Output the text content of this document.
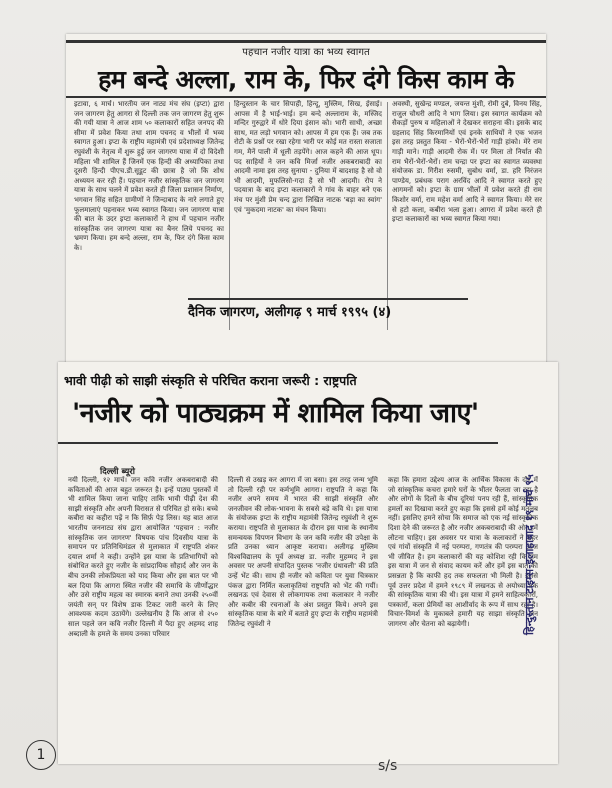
पहचान नजीर यात्रा का भव्य स्वागत
हम बन्दे अल्ला, राम के, फिर दंगे किस काम के

इटावा, ६ मार्च। भारतीय जन नाट्य मंच संघ (इप्टा) द्वारा जन जागरण हेतु आगरा से दिल्ली तक जन जागरण हेतु शुरू की गयी यात्रा ने आज शाम ५० कलाकारों सहित जनपद की सीमा में प्रवेश किया तथा शाम पचनद व भीलों में भव्य स्वागत हुआ। इप्टा के राष्ट्रीय महामंत्री एवं प्रदेशाध्यक्ष जितेन्द्र रघुवंशी के नेतृत्व में शुरू हुई जन जागरण यात्रा में दो विदेशी महिला भी शामिल हैं जिनमें एक हिन्दी की अध्यापिका तथा दूसरी हिन्दी पीएच.डी.सूडूट की छात्रा है जो कि शोध अध्ययन कर रही हैं। पहचान नजीर सांस्कृतिक जन जागरण यात्रा के साथ चलने में प्रवेश करते ही जिला प्रशासन निर्माण, भगवान सिंह सहित ग्रामीणों ने जिन्दाबाद के नारे लगाते हुए फूलमालाएं पहनाकर भव्य स्वागत किया। जन जागरण यात्रा की बात के उदर इप्टा कलाकारों ने हाथ में पहचान नजीर सांस्कृतिक जन जागरण यात्रा का बैनर लिये पचनद का भ्रमण किया। हम बन्दे अल्ला, राम के, फिर दंगे किस काम के।

हिन्दुस्तान के चार सिपाही, हिन्दू, मुस्लिम, सिख, ईसाई। आपस में है भाई-भाई। हम बन्दे अल्लाराम के, मस्जिद मन्दिर गुरुद्वारे में धोरे दिया इंसान को। भारी साथी, अच्छा साथ, मत लड़ो भगवान को। आपस में हम एक हैं। जब तक रोटी के प्रश्नों पर रखा रहेगा भारी पर कोई मत रास्ता सजाता गम, मैनें पाली में धूली तड़पेंगे। आज कहने की आज धूप। पद साहियों ने जन कवि मिर्जा नजीर अकबराबादी का आदमी नामा इस तरह सुनाया - दुनिया में बादशाह है सो वो भी आदमी, मुफलिसो-गदा है सो भी आदमी। रोप ने पदयात्रा के बाद इप्टा कलाकारों ने गांव के बाहर बने एक मंच पर मुंशी प्रेम चन्द द्वारा लिखित नाटक 'बड़ा का स्वांग' एवं 'मुकदमा नाटक' का मंचन किया।

अवस्थी, सुखेन्द्र मण्डल, जयन्त मुंशी, रोमी दुबे, विनय सिंह, राजुल चौधरी आदि ने भाग लिया। इस स्वागत कार्यक्रम को सैकड़ों पुरुष व महिलाओं ने देखकर सराहना की। इसके बाद ग्रहलाद सिंह किरमानियों एवं इनके साथियों ने एक भजन इस तरह प्रस्तुत किया - भैरों-भैरों-भैरों गाड़ी हांको। मेरे राम गाड़ी माने। गाड़ी आदमी रोक में। पर मिला तो निर्यात की राम भैरों-भैरों-भैरों। राम चन्द्रा पर इप्टा का स्वागत व्यवस्था संयोजक डा. गिरीश रुसमी, सुबोध वर्मा, डा. हरि निरंजन पाण्डेय, प्रबंधक पराग अरविंद आदि ने स्वागत करते हुए आगमनों को। इप्टा के ग्राम भीलों में प्रवेश करते ही राम किशोर वर्मा, राम महेश वर्मा आदि ने स्वागत किया। मेरे सर से हटो कला, कबीरा भला हुआ। आगरा में प्रवेश करते ही इप्टा कलाकारों का भव्य स्वागत किया गया।

दैनिक जागरण, अलीगढ़ ९ मार्च १९९५ (४)
भावी पीढ़ी को साझी संस्कृति से परिचित कराना जरूरी : राष्ट्रपति
'नजीर को पाठ्यक्रम में शामिल किया जाए'

नयी दिल्ली, १२ मार्च। जन कवि नजीर अकबराबादी की कविताओं की आज बहुत जरूरत है। इन्हें पाठ्य पुस्तकों में भी शामिल किया जाना चाहिए ताकि भावी पीढ़ी देश की साझी संस्कृति और अपनी विरासत से परिचित हो सके। बच्चे कबीरा का कहीरा पढ़ें न कि सिर्फ़ पेड़ लिस। यह बात आज भारतीय जननाट्य संघ द्वारा आयोजित 'पहचान : नजीर सांस्कृतिक जन जागरण' विषयक पांच दिवसीय यात्रा के समापन पर प्रतिनिधिमंडल से मुलाकात में राष्ट्रपति शंकर दयाल शर्मा ने कही। उन्होंने इस यात्रा के प्रतिभागियों को संबोधित करते हुए नजीर के सांप्रदायिक सौहार्द और जन के बीच उनकी लोकप्रियता को याद किया और इस बात पर भी बल दिया कि आगरा स्थित नजीर की समाधि के जीर्णोद्धार और उसे राष्ट्रीय महत्व का स्मारक बनाने तथा उनकी २५०वीं जयंती सन् पर विशेष डाक टिकट जारी करने के लिए आवश्यक कदम उठायेंगे। उल्लेखनीय है कि आज से २५० साल पहले जन कवि नजीर दिल्ली में पैदा हुए अहमद शाह अब्दाली के हमले के समय उनका परिवार

दिल्ली से उखड़ कर आगरा में जा बसा। इस तरह जन्म भूमि तो दिल्ली रही पर कर्मभूमि आगरा। राष्ट्रपति ने कहा कि नजीर अपने समय में भारत की साझी संस्कृति और जनजीवन की लोक-भावना के सबसे बड़े कवि थे। इस यात्रा के संयोजक इप्टा के राष्ट्रीय महामंत्री जितेन्द्र रघुवंशी ने शुरू कराया। राष्ट्रपति से मुलाकात के दौरान इस यात्रा के स्थानीय समन्वयक विपणन विभाग के जन कवि नजीर की उपेक्षा के प्रति उनका ध्यान आकृष्ट कराया। अलीगढ़ मुस्लिम विश्वविद्यालय के पूर्व अध्यक्ष डा. नजीर मुहम्मद ने इस अवसर पर अपनी संपादित पुस्तक 'नजीर ग्रंथावली' की प्रति उन्हें भेंट की। साथ ही नजीर को कविता पर युवा चित्रकार पंकज द्वारा निर्मित कलाकृतियां राष्ट्रपति को भेंट की गयीं। लखनऊ एवं देवास से लोकगायक तथा कलाकार ने नजीर और कबीर की रचनाओं के अंश प्रस्तुत किये। अपने इस सांस्कृतिक यात्रा के बारे में बताते हुए इप्टा के राष्ट्रीय महामंत्री जितेन्द्र रघुवंशी ने

कहा कि हमारा उद्देश्य आज के आर्थिक विकास के दौर में जो सांस्कृतिक कचरा हमारे घरों के भीतर फैलता जा रहा है और लोगों के दिलों के बीच दूरियां पनप रही हैं, सांस्कृतिक हमलों का दिखावा करते हुए कहा कि इससे हमें कोई मतलब नहीं। इसलिए हमने सोचा कि समाज को एक नई सांस्कृतिक दिशा देने की जरूरत है और नजीर अकबराबादी की ओर हमें लौटना चाहिए। इस अवसर पर यात्रा के कलाकारों ने शहर एवं गांवों संस्कृति में नई परम्परा, गणतंत्र की परम्परा आज भी जीवित है। हम कलाकारों की यह कोशिश रही कि हम इस यात्रा में जन से संवाद कायम करें और हमें इस बात की प्रसन्नता है कि काफी हद तक सफलता भी मिली है। इससे पूर्व उत्तर प्रदेश में हमने १९८९ में लखनऊ से अयोध्या तक की सांस्कृतिक यात्रा की थी। इस यात्रा में हमने साहित्यकारों, पत्रकारों, कला प्रेमियों का आशीर्वाद के रूप में साथ रहा है। विचार-विमर्श के मुकाबले हमारी यह साझा संस्कृति जन जागरण और चेतना को बढ़ायेगी।

दिल्ली ब्यूरो
हिन्दुस्तान टाइम्स-इलाहाबाद १९ मार्च ९५
1
s/s
